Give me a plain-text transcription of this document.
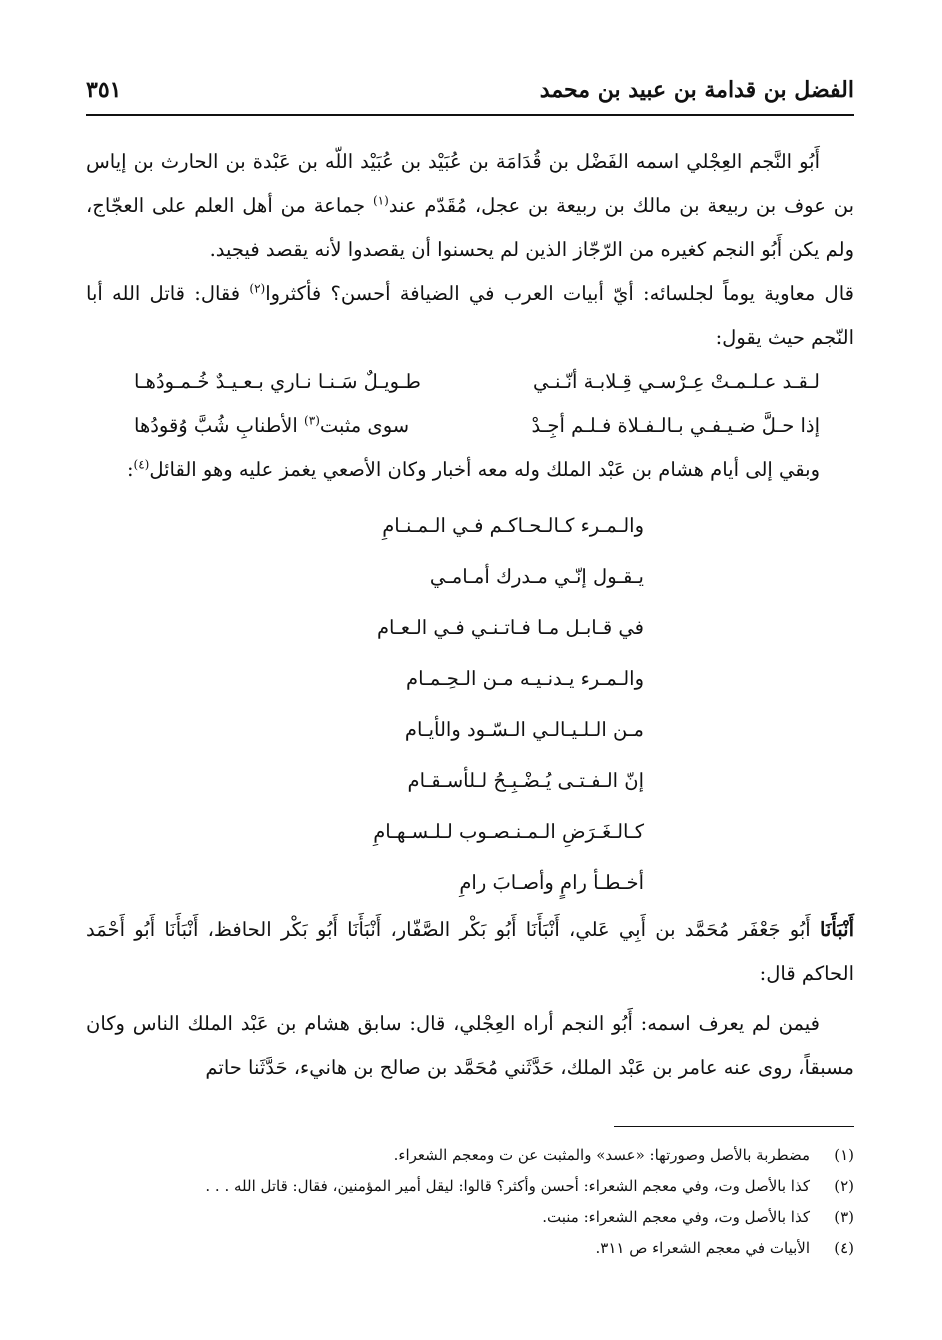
الفضل بن قدامة بن عبيد بن محمد
٣٥١

أَبُو النَّجم العِجْلي اسمه الفَضْل بن قُدَامَة بن عُبَيْد بن عُبَيْد اللّه بن عَبْدة بن الحارث بن إياس بن عوف بن ربيعة بن مالك بن ربيعة بن عجل، مُقَدّم عند$^{(١)}$ جماعة من أهل العلم على العجّاج، ولم يكن أَبُو النجم كغيره من الرّجّاز الذين لم يحسنوا أن يقصدوا لأنه يقصد فيجيد.

قال معاوية يوماً لجلسائه: أيّ أبيات العرب في الضيافة أحسن؟ فأكثروا$^{(٢)}$ فقال: قاتل الله أبا النّجم حيث يقول:

لـقـد عـلـمـتْ عِـرْسـي قِـلابـة أنّـنـي
طـويـلٌ سَـنـا نـاري بـعـيـدٌ خُـمـودُهـا
إذا حـلَّ ضـيـفـي بـالـفـلاة فـلـم أجِـدْ
سوى مثبت$^{(٣)}$ الأطنابِ شُبَّ وُقودُها

وبقي إلى أيام هشام بن عَبْد الملك وله معه أخبار وكان الأصعي يغمز عليه وهو القائل$^{(٤)}$:

والـمـرء كـالـحـاكـم فـي الـمـنـامِ
يـقـول إنّـي مـدرك أمـامـي
في قـابـل مـا فـاتـنـي فـي الـعـام
والـمـرء يـدنـيـه مـن الـحِـمـام
مـن الـلـيـالـي الـسّـود والأيـام
إنّ الـفـتـى يُـضْـبِـحُ لـلأسـقـام
كـالـغَـرَضِ الـمـنـصـوب لـلـسـهـامِ
أخـطـأ رامٍ وأصـابَ رامِ

أَنْبَأَنَا أَبُو جَعْفَر مُحَمَّد بن أَبِي عَلي، أَنْبَأَنَا أَبُو بَكْر الصَّفّار، أَنْبَأَنَا أَبُو بَكْر الحافظ، أَنْبَأَنَا أَبُو أَحْمَد الحاكم قال:

فيمن لم يعرف اسمه: أَبُو النجم أراه العِجْلي، قال: سابق هشام بن عَبْد الملك الناس وكان مسبقاً، روى عنه عامر بن عَبْد الملك، حَدَّثَني مُحَمَّد بن صالح بن هانيء، حَدَّثَنا حاتم

(١)
مضطربة بالأصل وصورتها: «عسد» والمثبت عن ت ومعجم الشعراء.
(٢)
كذا بالأصل وت، وفي معجم الشعراء: أحسن وأكثر؟ قالوا: ليقل أمير المؤمنين، فقال: قاتل الله . . .
(٣)
كذا بالأصل وت، وفي معجم الشعراء: منبت.
(٤)
الأبيات في معجم الشعراء ص ٣١١.
